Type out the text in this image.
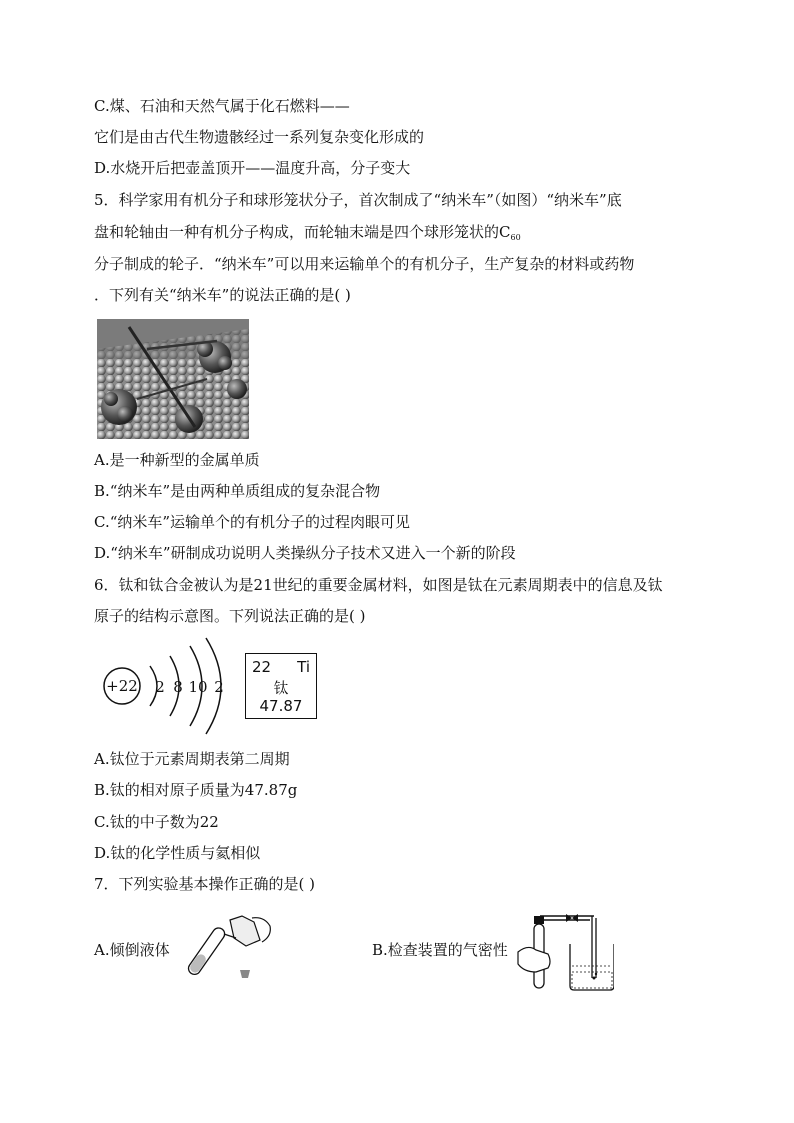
C.煤、石油和天然气属于化石燃料——
它们是由古代生物遗骸经过一系列复杂变化形成的
D.水烧开后把壶盖顶开——温度升高，分子变大
5．科学家用有机分子和球形笼状分子，首次制成了“纳米车”（如图）“纳米车”底
盘和轮轴由一种有机分子构成，而轮轴末端是四个球形笼状的$C_{60}$
分子制成的轮子．“纳米车”可以用来运输单个的有机分子，生产复杂的材料或药物
．下列有关“纳米车”的说法正确的是( )
A.是一种新型的金属单质
B.“纳米车”是由两种单质组成的复杂混合物
C.“纳米车”运输单个的有机分子的过程肉眼可见
D.“纳米车”研制成功说明人类操纵分子技术又进入一个新的阶段
6．钛和钛合金被认为是21世纪的重要金属材料，如图是钛在元素周期表中的信息及钛
原子的结构示意图。下列说法正确的是( )
+22 2 8 10 2
22 Ti
钛
47.87
A.钛位于元素周期表第二周期
B.钛的相对原子质量为47.87g
C.钛的中子数为22
D.钛的化学性质与氦相似
7．下列实验基本操作正确的是( )
A.倾倒液体	B.检查装置的气密性
